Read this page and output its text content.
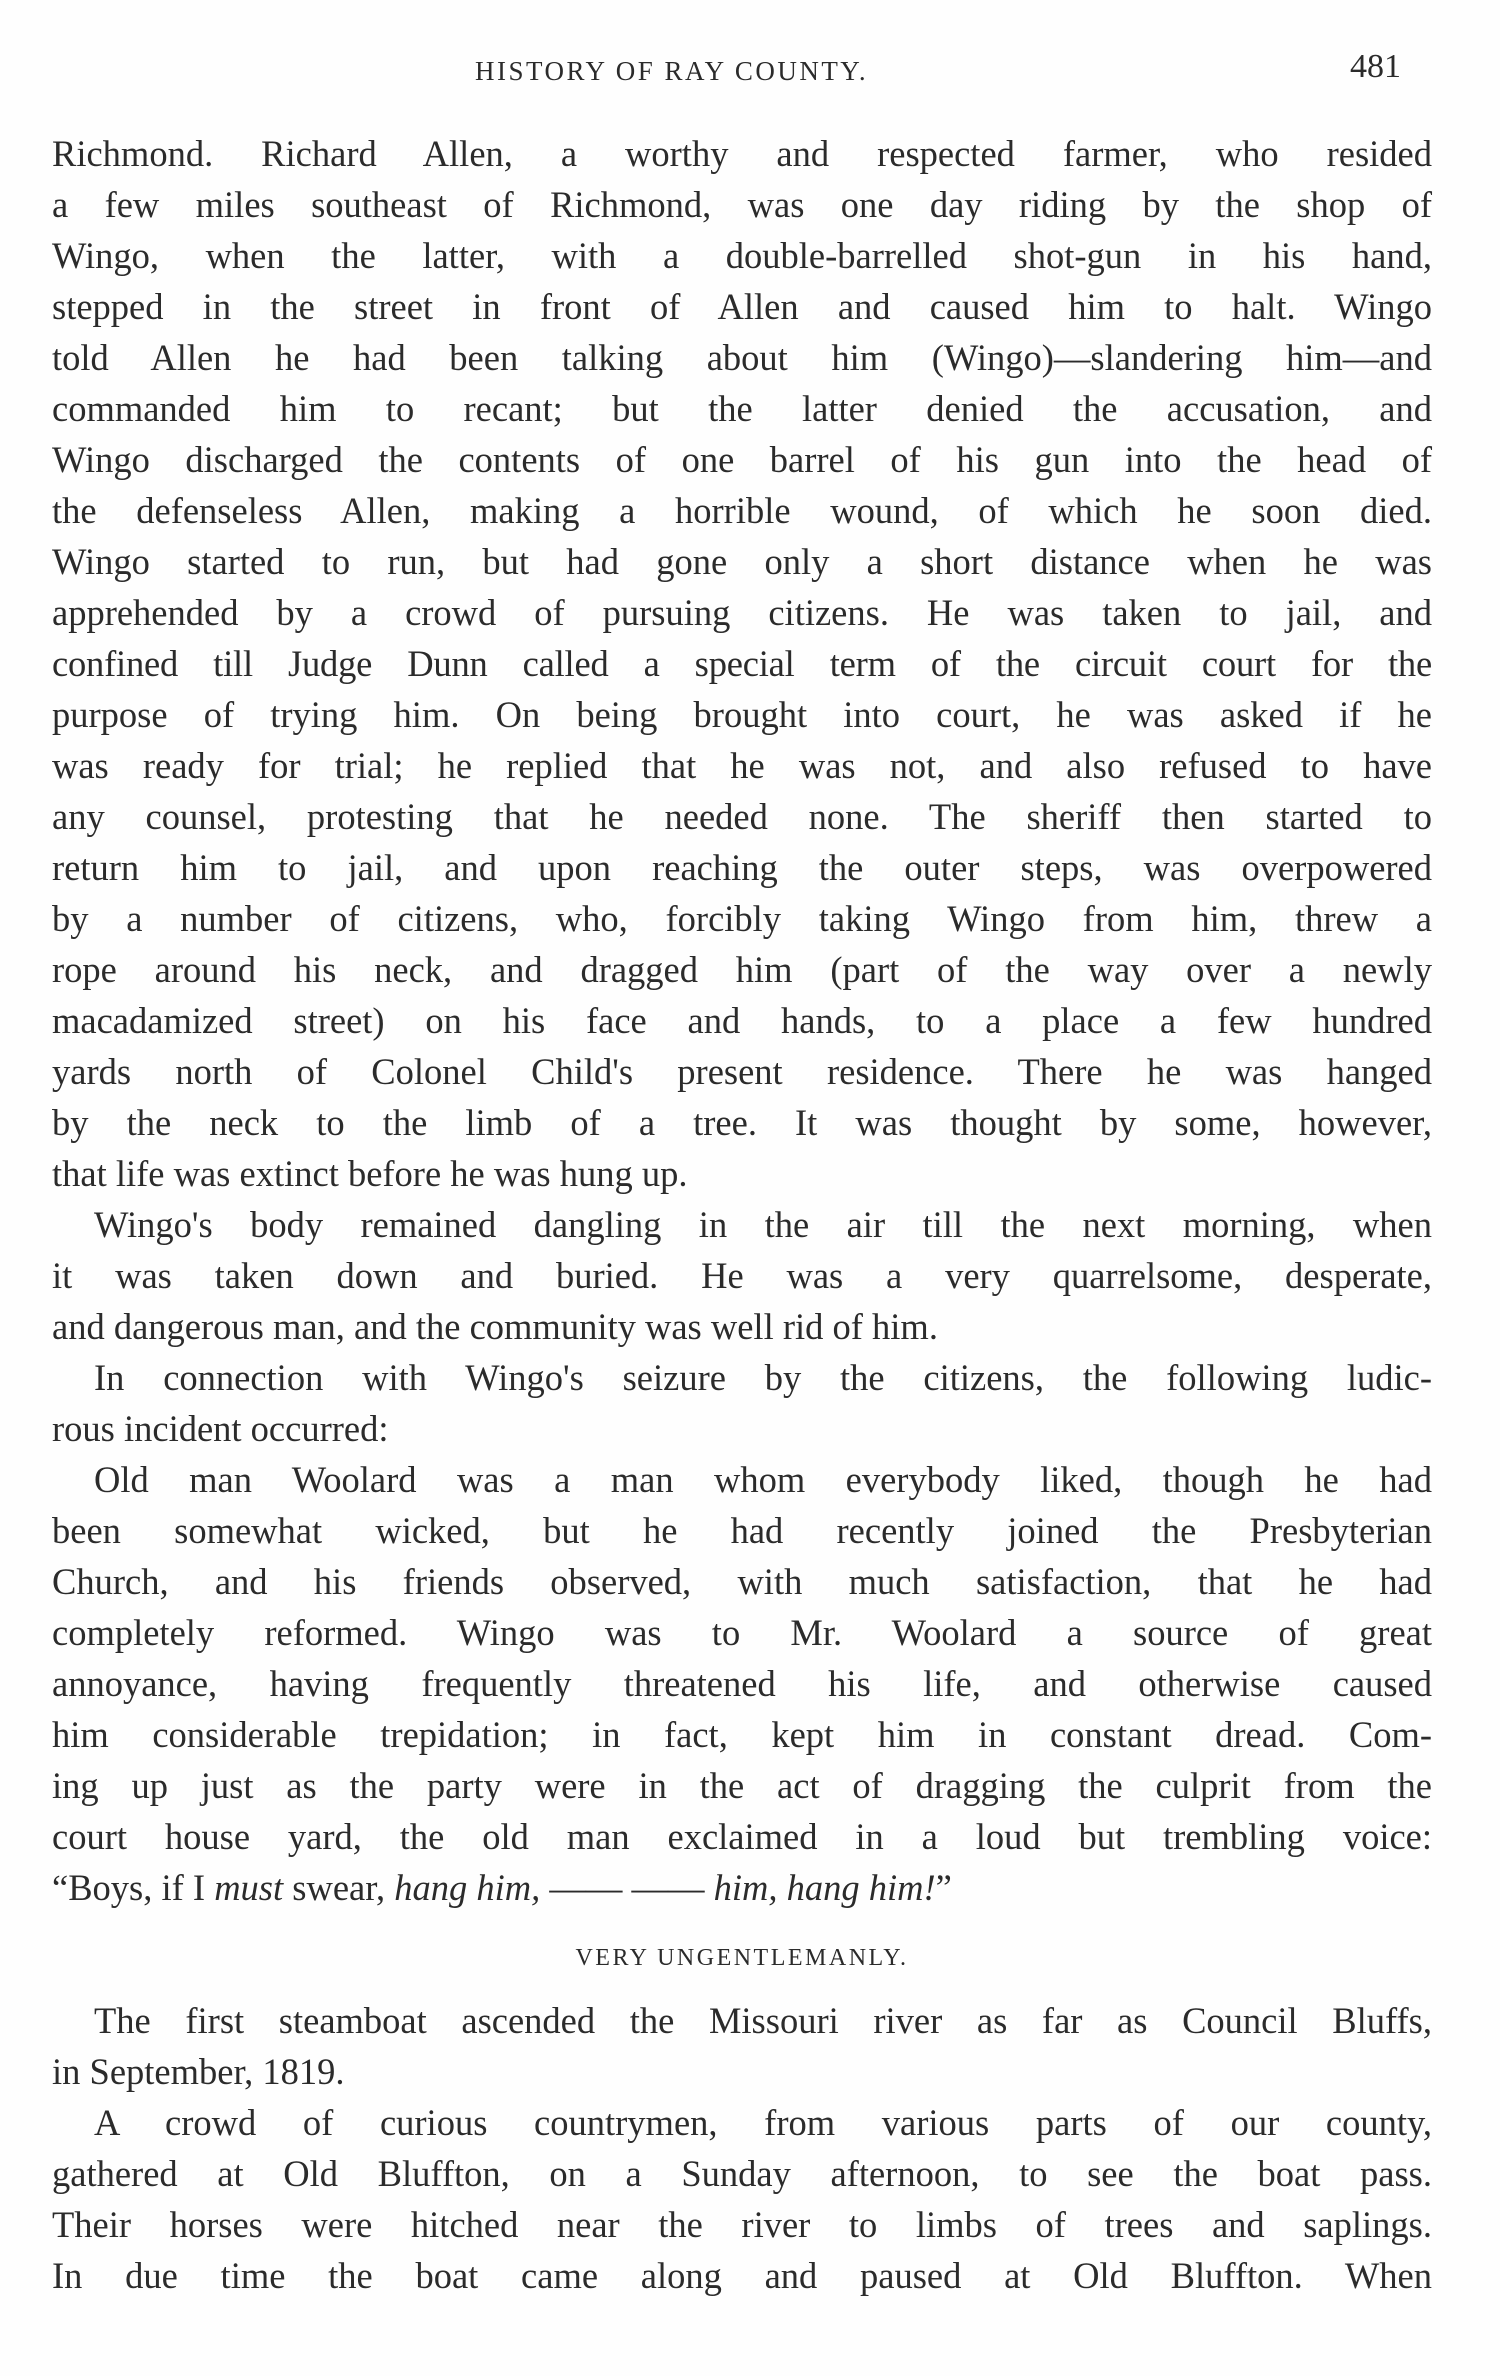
HISTORY OF RAY COUNTY.	481
Richmond. Richard Allen, a worthy and respected farmer, who resided
a few miles southeast of Richmond, was one day riding by the shop of
Wingo, when the latter, with a double-barrelled shot-gun in his hand,
stepped in the street in front of Allen and caused him to halt. Wingo
told Allen he had been talking about him (Wingo)—slandering him—and
commanded him to recant; but the latter denied the accusation, and
Wingo discharged the contents of one barrel of his gun into the head of
the defenseless Allen, making a horrible wound, of which he soon died.
Wingo started to run, but had gone only a short distance when he was
apprehended by a crowd of pursuing citizens. He was taken to jail, and
confined till Judge Dunn called a special term of the circuit court for the
purpose of trying him. On being brought into court, he was asked if he
was ready for trial; he replied that he was not, and also refused to have
any counsel, protesting that he needed none. The sheriff then started to
return him to jail, and upon reaching the outer steps, was overpowered
by a number of citizens, who, forcibly taking Wingo from him, threw a
rope around his neck, and dragged him (part of the way over a newly
macadamized street) on his face and hands, to a place a few hundred
yards north of Colonel Child's present residence. There he was hanged
by the neck to the limb of a tree. It was thought by some, however,
that life was extinct before he was hung up.
Wingo's body remained dangling in the air till the next morning, when
it was taken down and buried. He was a very quarrelsome, desperate,
and dangerous man, and the community was well rid of him.
In connection with Wingo's seizure by the citizens, the following ludic-
rous incident occurred:
Old man Woolard was a man whom everybody liked, though he had
been somewhat wicked, but he had recently joined the Presbyterian
Church, and his friends observed, with much satisfaction, that he had
completely reformed. Wingo was to Mr. Woolard a source of great
annoyance, having frequently threatened his life, and otherwise caused
him considerable trepidation; in fact, kept him in constant dread. Com-
ing up just as the party were in the act of dragging the culprit from the
court house yard, the old man exclaimed in a loud but trembling voice:
“Boys, if I must swear, hang him, —— —— him, hang him!”
VERY UNGENTLEMANLY.
The first steamboat ascended the Missouri river as far as Council Bluffs,
in September, 1819.
A crowd of curious countrymen, from various parts of our county,
gathered at Old Bluffton, on a Sunday afternoon, to see the boat pass.
Their horses were hitched near the river to limbs of trees and saplings.
In due time the boat came along and paused at Old Bluffton. When
